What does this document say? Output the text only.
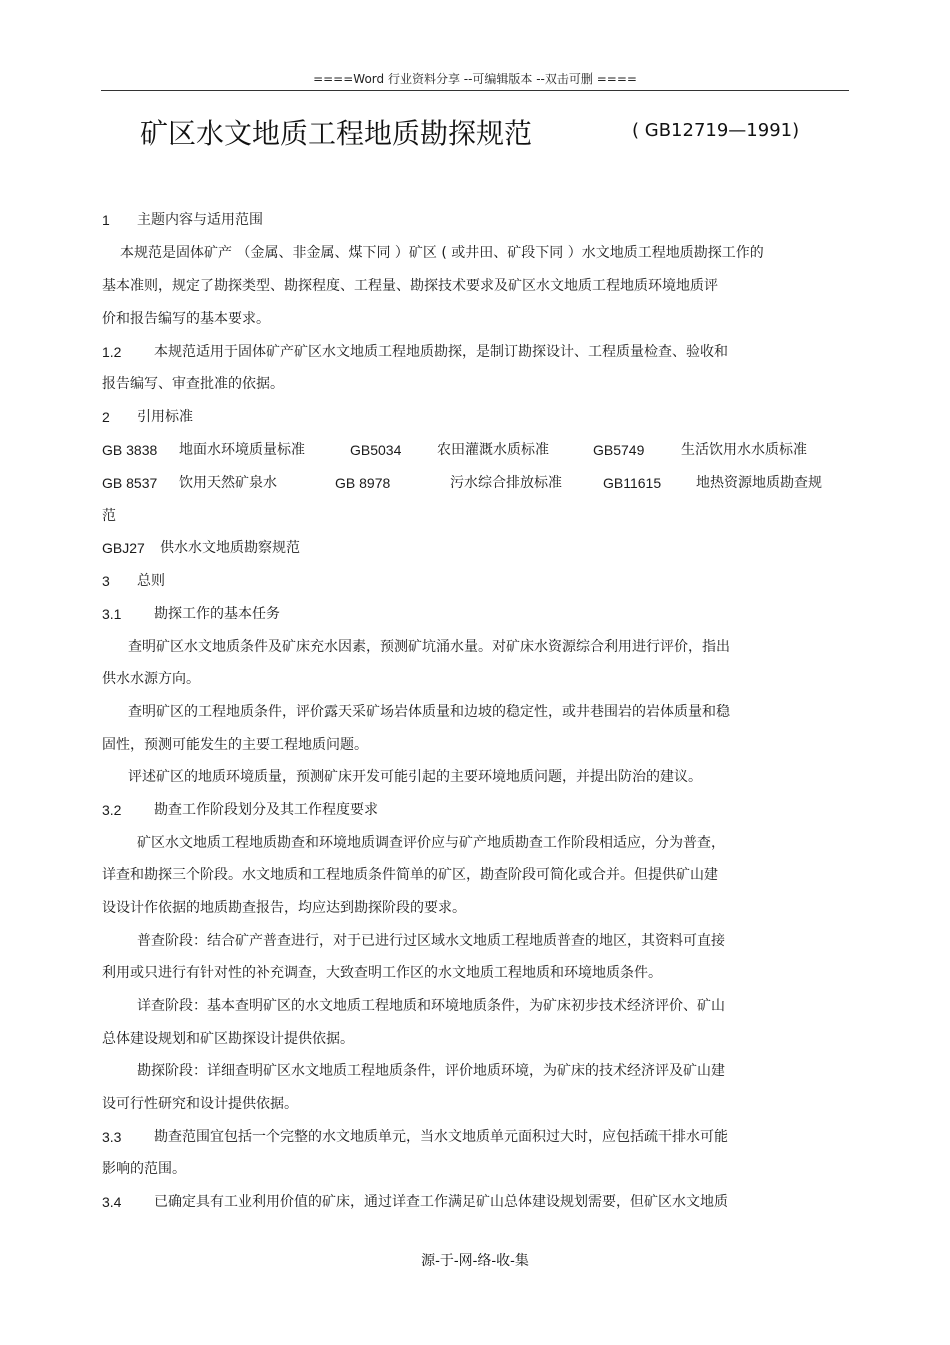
====Word 行业资料分享 --可编辑版本 --双击可删 ====
矿区水文地质工程地质勘探规范	( GB12719—1991)
1 主题内容与适用范围
本规范是固体矿产 （金属、非金属、煤下同 ）矿区 ( 或井田、矿段下同 ）水文地质工程地质勘探工作的
基本准则，规定了勘探类型、勘探程度、工程量、勘探技术要求及矿区水文地质工程地质环境地质评
价和报告编写的基本要求。
1.2 本规范适用于固体矿产矿区水文地质工程地质勘探，是制订勘探设计、工程质量检查、验收和
报告编写、审查批准的依据。
2 引用标准
GB 3838 地面水环境质量标准	GB5034	农田灌溉水质标准	GB5749	生活饮用水水质标准
GB 8537 饮用天然矿泉水	GB 8978	污水综合排放标准	GB11615 地热资源地质勘查规
范
GBJ27 供水水文地质勘察规范
3 总则
3.1 勘探工作的基本任务
查明矿区水文地质条件及矿床充水因素，预测矿坑涌水量。对矿床水资源综合利用进行评价，指出
供水水源方向。
查明矿区的工程地质条件，评价露天采矿场岩体质量和边坡的稳定性，或井巷围岩的岩体质量和稳
固性，预测可能发生的主要工程地质问题。
评述矿区的地质环境质量，预测矿床开发可能引起的主要环境地质问题，并提出防治的建议。
3.2 勘查工作阶段划分及其工作程度要求
矿区水文地质工程地质勘查和环境地质调查评价应与矿产地质勘查工作阶段相适应，分为普查，
详查和勘探三个阶段。水文地质和工程地质条件简单的矿区，勘查阶段可简化或合并。但提供矿山建
设设计作依据的地质勘查报告，均应达到勘探阶段的要求。
普查阶段：结合矿产普查进行，对于已进行过区域水文地质工程地质普查的地区，其资料可直接
利用或只进行有针对性的补充调查，大致查明工作区的水文地质工程地质和环境地质条件。
详查阶段：基本查明矿区的水文地质工程地质和环境地质条件，为矿床初步技术经济评价、矿山
总体建设规划和矿区勘探设计提供依据。
勘探阶段：详细查明矿区水文地质工程地质条件，评价地质环境，为矿床的技术经济评及矿山建
设可行性研究和设计提供依据。
3.3 勘查范围宜包括一个完整的水文地质单元，当水文地质单元面积过大时，应包括疏干排水可能
影响的范围。
3.4 已确定具有工业利用价值的矿床，通过详查工作满足矿山总体建设规划需要，但矿区水文地质
源-于-网-络-收-集
